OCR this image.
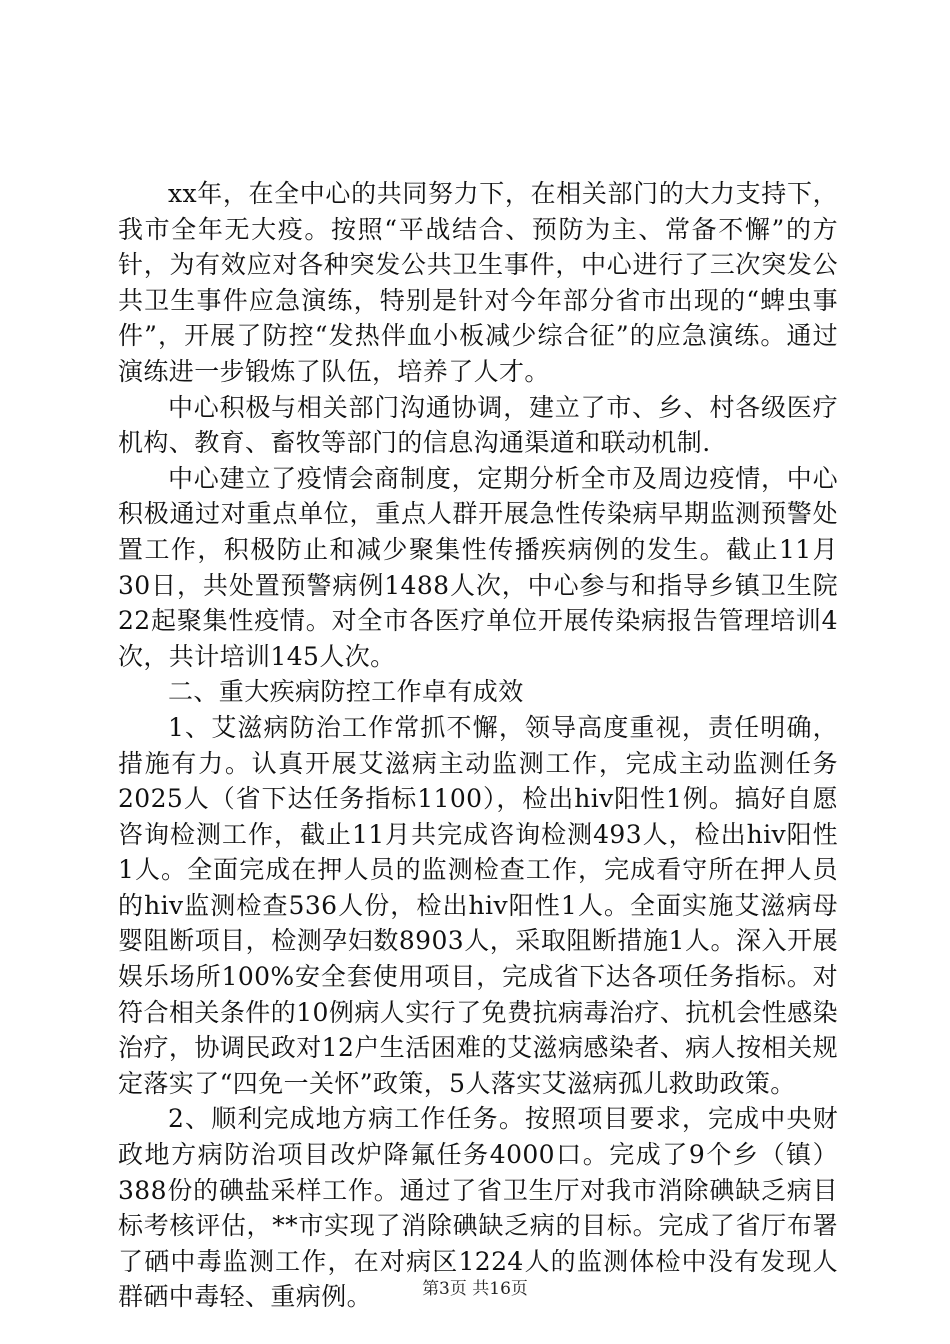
xx年，在全中心的共同努力下，在相关部门的大力支持下，我市全年无大疫。按照“平战结合、预防为主、常备不懈”的方针，为有效应对各种突发公共卫生事件，中心进行了三次突发公共卫生事件应急演练，特别是针对今年部分省市出现的“蜱虫事件”，开展了防控“发热伴血小板减少综合征”的应急演练。通过演练进一步锻炼了队伍，培养了人才。

中心积极与相关部门沟通协调，建立了市、乡、村各级医疗机构、教育、畜牧等部门的信息沟通渠道和联动机制.

中心建立了疫情会商制度，定期分析全市及周边疫情，中心积极通过对重点单位，重点人群开展急性传染病早期监测预警处置工作，积极防止和减少聚集性传播疾病例的发生。截止11月30日，共处置预警病例1488人次，中心参与和指导乡镇卫生院22起聚集性疫情。对全市各医疗单位开展传染病报告管理培训4次，共计培训145人次。

二、重大疾病防控工作卓有成效

1、艾滋病防治工作常抓不懈，领导高度重视，责任明确，措施有力。认真开展艾滋病主动监测工作，完成主动监测任务2025人（省下达任务指标1100），检出hiv阳性1例。搞好自愿咨询检测工作，截止11月共完成咨询检测493人，检出hiv阳性1人。全面完成在押人员的监测检查工作，完成看守所在押人员的hiv监测检查536人份，检出hiv阳性1人。全面实施艾滋病母婴阻断项目，检测孕妇数8903人，采取阻断措施1人。深入开展娱乐场所100%安全套使用项目，完成省下达各项任务指标。对符合相关条件的10例病人实行了免费抗病毒治疗、抗机会性感染治疗，协调民政对12户生活困难的艾滋病感染者、病人按相关规定落实了“四免一关怀”政策，5人落实艾滋病孤儿救助政策。

2、顺利完成地方病工作任务。按照项目要求，完成中央财政地方病防治项目改炉降氟任务4000口。完成了9个乡（镇）388份的碘盐采样工作。通过了省卫生厅对我市消除碘缺乏病目标考核评估，**市实现了消除碘缺乏病的目标。完成了省厅布署了硒中毒监测工作，在对病区1224人的监测体检中没有发现人群硒中毒轻、重病例。	第3页 共16页
